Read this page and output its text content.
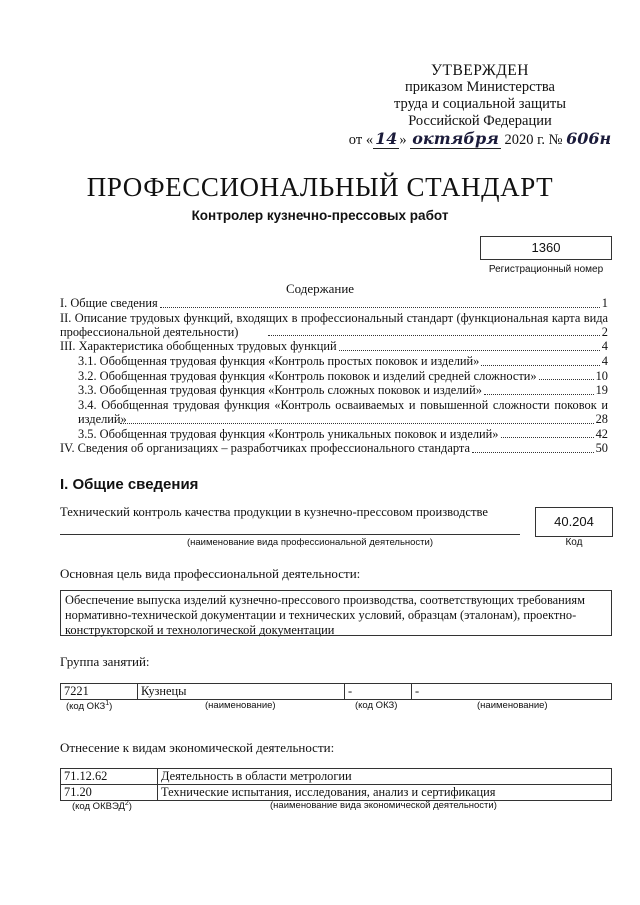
УТВЕРЖДЕН
приказом Министерства
труда и социальной защиты
Российской Федерации
от « 14 » октября 2020 г. № 606н
ПРОФЕССИОНАЛЬНЫЙ СТАНДАРТ
Контролер кузнечно-прессовых работ
1360
Регистрационный номер
Содержание
I. Общие сведения	1
II. Описание трудовых функций, входящих в профессиональный стандарт (функциональная карта вида профессиональной деятельности)	2
III. Характеристика обобщенных трудовых функций	4
3.1. Обобщенная трудовая функция «Контроль простых поковок и изделий»	4
3.2. Обобщенная трудовая функция «Контроль поковок и изделий средней сложности»	10
3.3. Обобщенная трудовая функция «Контроль сложных поковок и изделий»	19
3.4. Обобщенная трудовая функция «Контроль осваиваемых и повышенной сложности поковок и изделий»	28
3.5. Обобщенная трудовая функция «Контроль уникальных поковок и изделий»	42
IV. Сведения об организациях – разработчиках профессионального стандарта	50
I. Общие сведения
Технический контроль качества продукции в кузнечно-прессовом производстве
(наименование вида профессиональной деятельности)
40.204
Код
Основная цель вида профессиональной деятельности:
Обеспечение выпуска изделий кузнечно-прессового производства, соответствующих требованиям нормативно-технической документации и технических условий, образцам (эталонам), проектно-конструкторской и технологической документации
Группа занятий:
7221	Кузнецы	-	-
(код ОКЗ$^1$)	(наименование)	(код ОКЗ)	(наименование)
Отнесение к видам экономической деятельности:
71.12.62	Деятельность в области метрологии
71.20	Технические испытания, исследования, анализ и сертификация
(код ОКВЭД$^2$)	(наименование вида экономической деятельности)
